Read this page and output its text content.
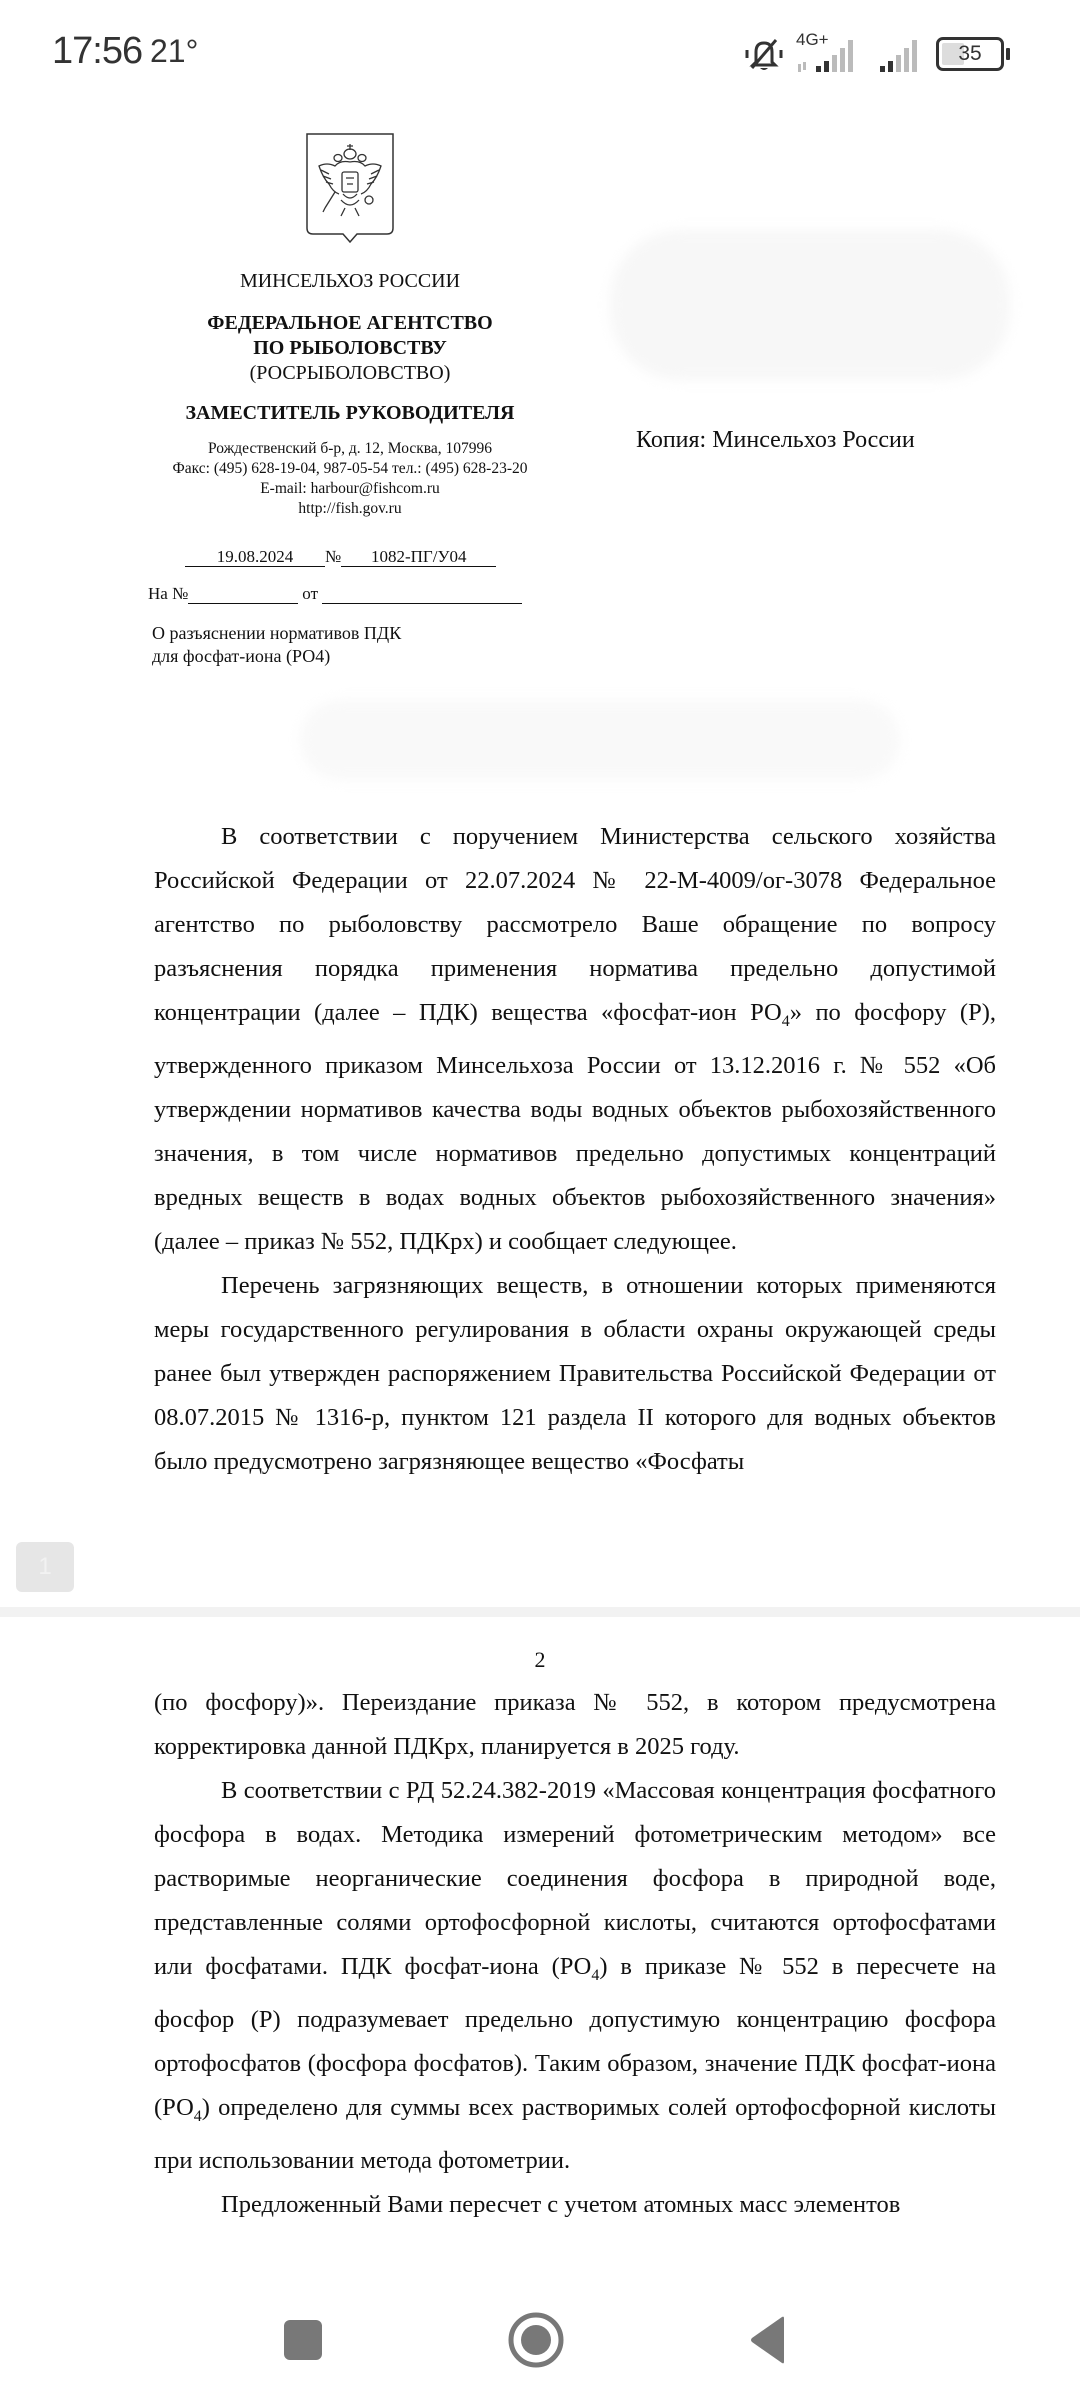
17:56 21°	4G+
35
МИНСЕЛЬХОЗ РОССИИ
ФЕДЕРАЛЬНОЕ АГЕНТСТВО
ПО РЫБОЛОВСТВУ
(РОСРЫБОЛОВСТВО)
ЗАМЕСТИТЕЛЬ РУКОВОДИТЕЛЯ
Рождественский б-р, д. 12, Москва, 107996
Факс: (495) 628-19-04, 987-05-54 тел.: (495) 628-23-20
E-mail: harbour@fishcom.ru
http://fish.gov.ru
19.08.2024	№	1082-ПГ/У04
На №	от
О разъяснении нормативов ПДК
для фосфат-иона (РО4)
Копия: Минсельхоз России

В соответствии с поручением Министерства сельского хозяйства Российской Федерации от 22.07.2024 № 22-М-4009/ог-3078 Федеральное агентство по рыболовству рассмотрело Ваше обращение по вопросу разъяснения порядка применения норматива предельно допустимой концентрации (далее – ПДК) вещества «фосфат-ион $РО_4$» по фосфору (Р), утвержденного приказом Минсельхоза России от 13.12.2016 г. № 552 «Об утверждении нормативов качества воды водных объектов рыбохозяйственного значения, в том числе нормативов предельно допустимых концентраций вредных веществ в водах водных объектов рыбохозяйственного значения» (далее – приказ № 552, ПДКрх) и сообщает следующее.

Перечень загрязняющих веществ, в отношении которых применяются меры государственного регулирования в области охраны окружающей среды ранее был утвержден распоряжением Правительства Российской Федерации от 08.07.2015 № 1316-р, пунктом 121 раздела II которого для водных объектов было предусмотрено загрязняющее вещество «Фосфаты

1
2

(по фосфору)». Переиздание приказа № 552, в котором предусмотрена корректировка данной ПДКрх, планируется в 2025 году.

В соответствии с РД 52.24.382-2019 «Массовая концентрация фосфатного фосфора в водах. Методика измерений фотометрическим методом» все растворимые неорганические соединения фосфора в природной воде, представленные солями ортофосфорной кислоты, считаются ортофосфатами или фосфатами. ПДК фосфат-иона $(РО_4)$ в приказе № 552 в пересчете на фосфор (Р) подразумевает предельно допустимую концентрацию фосфора ортофосфатов (фосфора фосфатов). Таким образом, значение ПДК фосфат-иона $(РО_4)$ определено для суммы всех растворимых солей ортофосфорной кислоты при использовании метода фотометрии.

Предложенный Вами пересчет с учетом атомных масс элементов
